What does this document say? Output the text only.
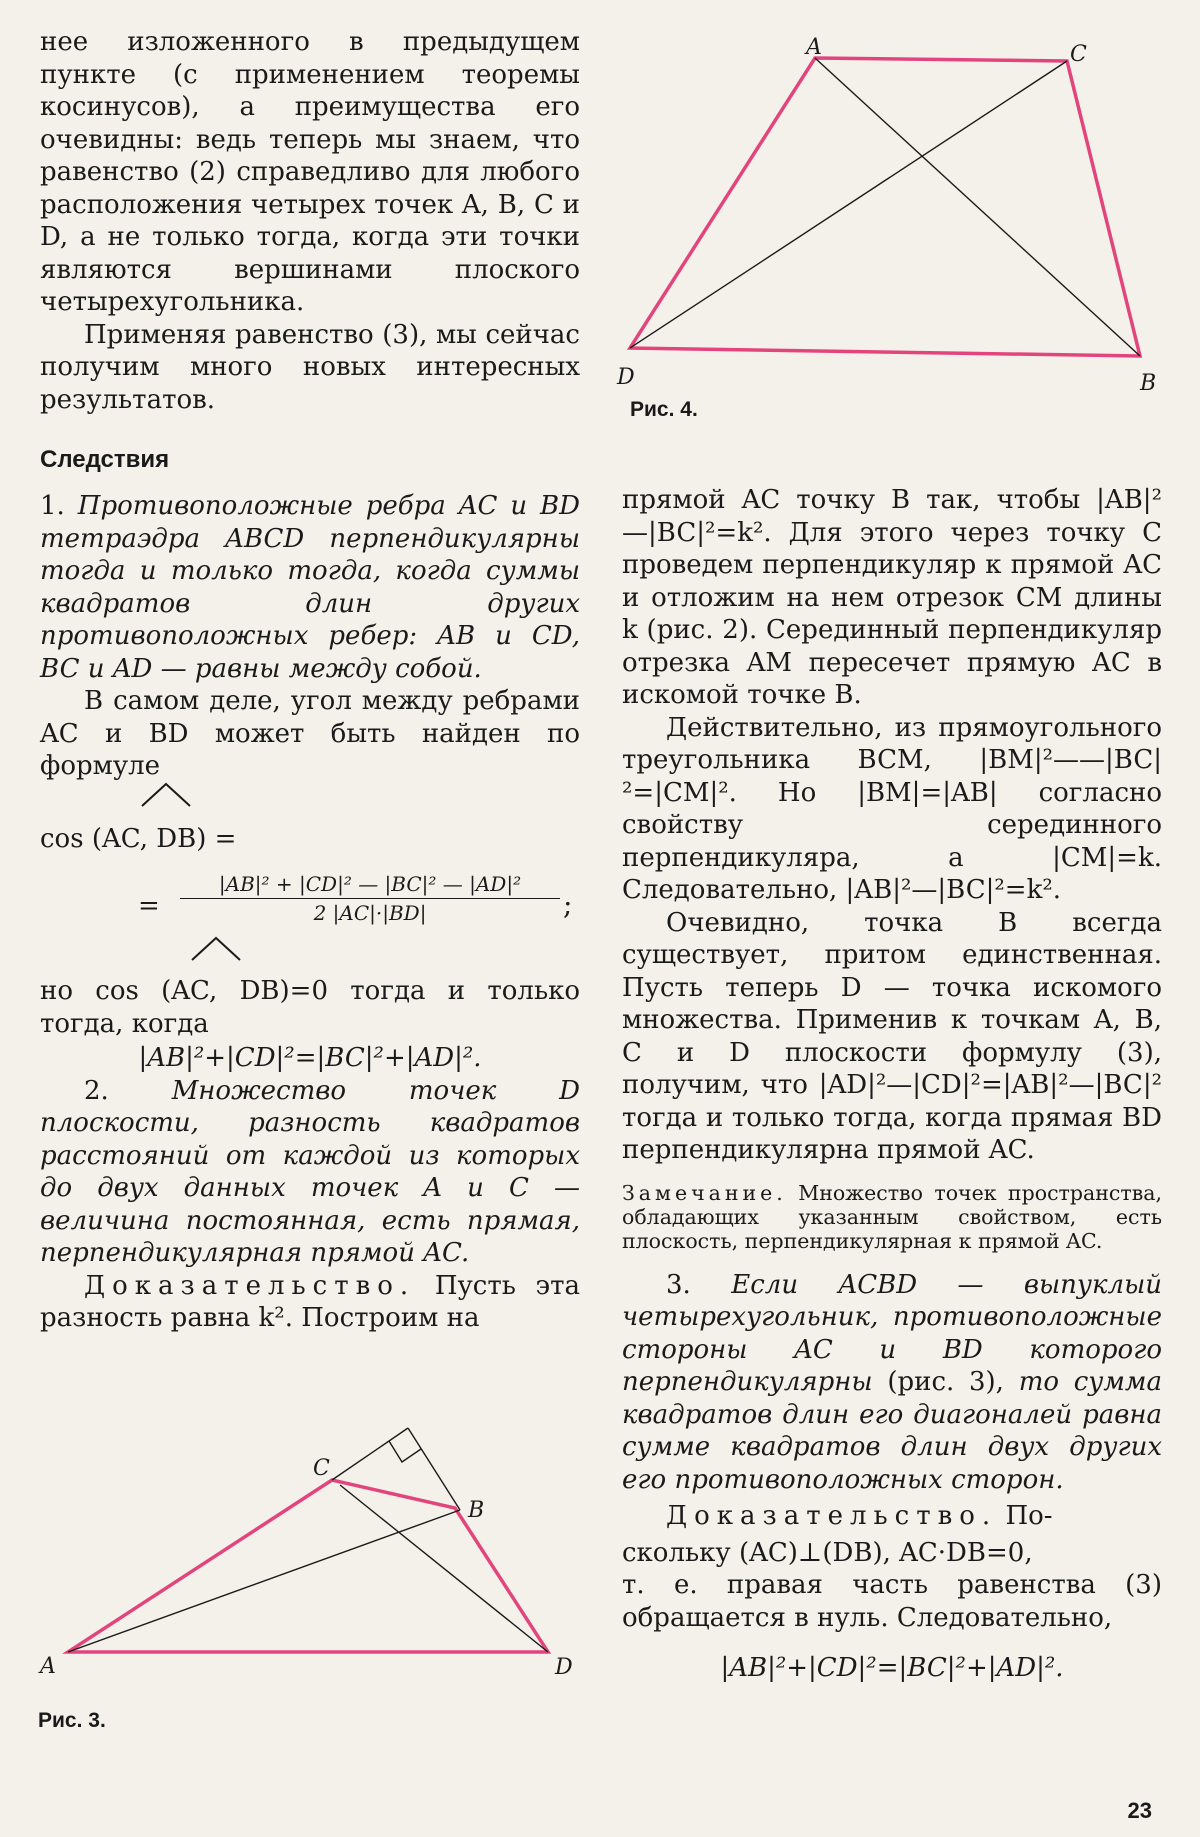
нее изложенного в предыдущем пункте (с применением теоремы косинусов), а преимущества его очевидны: ведь теперь мы знаем, что равенство (2) справедливо для любого расположения четырех точек A, B, C и D, а не только тогда, когда эти точки являются вершинами плоского четырехугольника.

Применяя равенство (3), мы сейчас получим много новых интересных результатов.

Следствия

1. Противоположные ребра AC и BD тетраэдра ABCD перпендикулярны тогда и только тогда, когда суммы квадратов длин других противоположных ребер: AB и CD, BC и AD — равны между собой.

В самом деле, угол между ребрами AC и BD может быть найден по формуле

cos (AC, DB) =
= $\frac{\text{|AB|² + |CD|² — |BC|² — |AD|²}}{2 |AC|\cdot|BD|}$ ;

но cos (AC, DB)=0 тогда и только тогда, когда

|AB|²+|CD|²=|BC|²+|AD|².

2. Множество точек D плоскости, разность квадратов расстояний от каждой из которых до двух данных точек A и C — величина постоянная, есть прямая, перпендикулярная прямой AC.

Доказательство. Пусть эта разность равна k². Построим на

A
C
B
D
Рис. 3.
A	C
D	B
Рис. 4.

прямой AC точку B так, чтобы |AB|²—|BC|²=k². Для этого через точку C проведем перпендикуляр к прямой AC и отложим на нем отрезок CM длины k (рис. 2). Серединный перпендикуляр отрезка AM пересечет прямую AC в искомой точке B.

Действительно, из прямоугольного треугольника BCM, |BM|²——|BC|²=|CM|². Но |BM|=|AB| согласно свойству серединного перпендикуляра, а |CM|=k. Следовательно, |AB|²—|BC|²=k².

Очевидно, точка B всегда существует, притом единственная. Пусть теперь D — точка искомого множества. Применив к точкам A, B, C и D плоскости формулу (3), получим, что |AD|²—|CD|²=|AB|²—|BC|² тогда и только тогда, когда прямая BD перпендикулярна прямой AC.

Замечание. Множество точек пространства, обладающих указанным свойством, есть плоскость, перпендикулярная к прямой AC.

3. Если ACBD — выпуклый четырехугольник, противоположные стороны AC и BD которого перпендикулярны (рис. 3), то сумма квадратов длин его диагоналей равна сумме квадратов длин двух других его противоположных сторон.

Доказательство. По-

скольку (AC)⊥(DB), AC·DB=0,

т. е. правая часть равенства (3) обращается в нуль. Следовательно,

|AB|²+|CD|²=|BC|²+|AD|².

23
